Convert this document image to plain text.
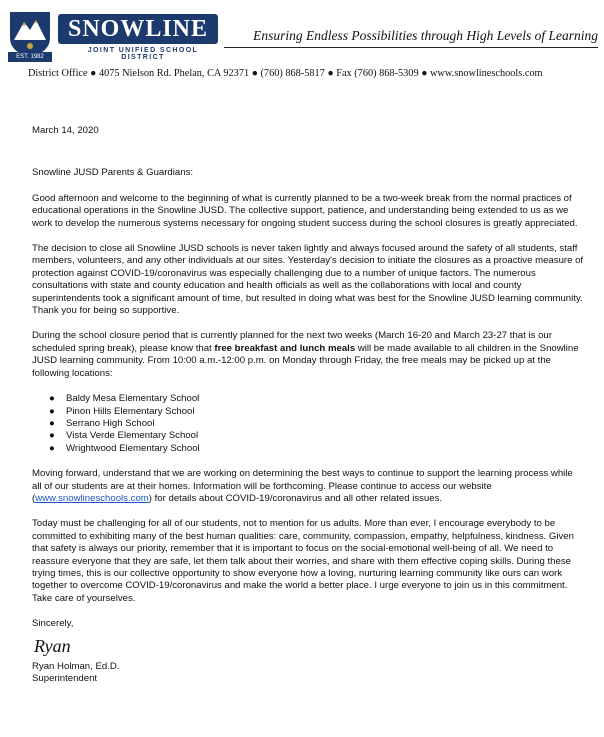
SNOWLINE
JOINT UNIFIED SCHOOL DISTRICT
EST. 1982
Ensuring Endless Possibilities through High Levels of Learning
District Office ● 4075 Nielson Rd. Phelan, CA 92371 ● (760) 868-5817 ● Fax (760) 868-5309 ● www.snowlineschools.com

March 14, 2020

Snowline JUSD Parents & Guardians:

Good afternoon and welcome to the beginning of what is currently planned to be a two-week break from the normal practices of educational operations in the Snowline JUSD. The collective support, patience, and understanding being extended to us as we work to develop the numerous systems necessary for ongoing student success during the school closures is greatly appreciated.

The decision to close all Snowline JUSD schools is never taken lightly and always focused around the safety of all students, staff members, volunteers, and any other individuals at our sites. Yesterday's decision to initiate the closures as a proactive measure of protection against COVID-19/coronavirus was especially challenging due to a number of unique factors. The numerous consultations with state and county education and health officials as well as the collaborations with local and county superintendents took a significant amount of time, but resulted in doing what was best for the Snowline JUSD learning community. Thank you for being so supportive.

During the school closure period that is currently planned for the next two weeks (March 16-20 and March 23-27 that is our scheduled spring break), please know that free breakfast and lunch meals will be made available to all children in the Snowline JUSD learning community. From 10:00 a.m.-12:00 p.m. on Monday through Friday, the free meals may be picked up at the following locations:

● Baldy Mesa Elementary School
● Pinon Hills Elementary School
● Serrano High School
● Vista Verde Elementary School
● Wrightwood Elementary School

Moving forward, understand that we are working on determining the best ways to continue to support the learning process while all of our students are at their homes. Information will be forthcoming. Please continue to access our website (www.snowlineschools.com) for details about COVID-19/coronavirus and all other related issues.

Today must be challenging for all of our students, not to mention for us adults. More than ever, I encourage everybody to be committed to exhibiting many of the best human qualities: care, community, compassion, empathy, helpfulness, kindness. Given that safety is always our priority, remember that it is important to focus on the social-emotional well-being of all. We need to reassure everyone that they are safe, let them talk about their worries, and share with them effective coping skills. During these trying times, this is our collective opportunity to show everyone how a loving, nurturing learning community like ours can work together to overcome COVID-19/coronavirus and make the world a better place. I urge everyone to join us in this commitment. Take care of yourselves.

Sincerely,

Ryan
Ryan Holman, Ed.D.
Superintendent
